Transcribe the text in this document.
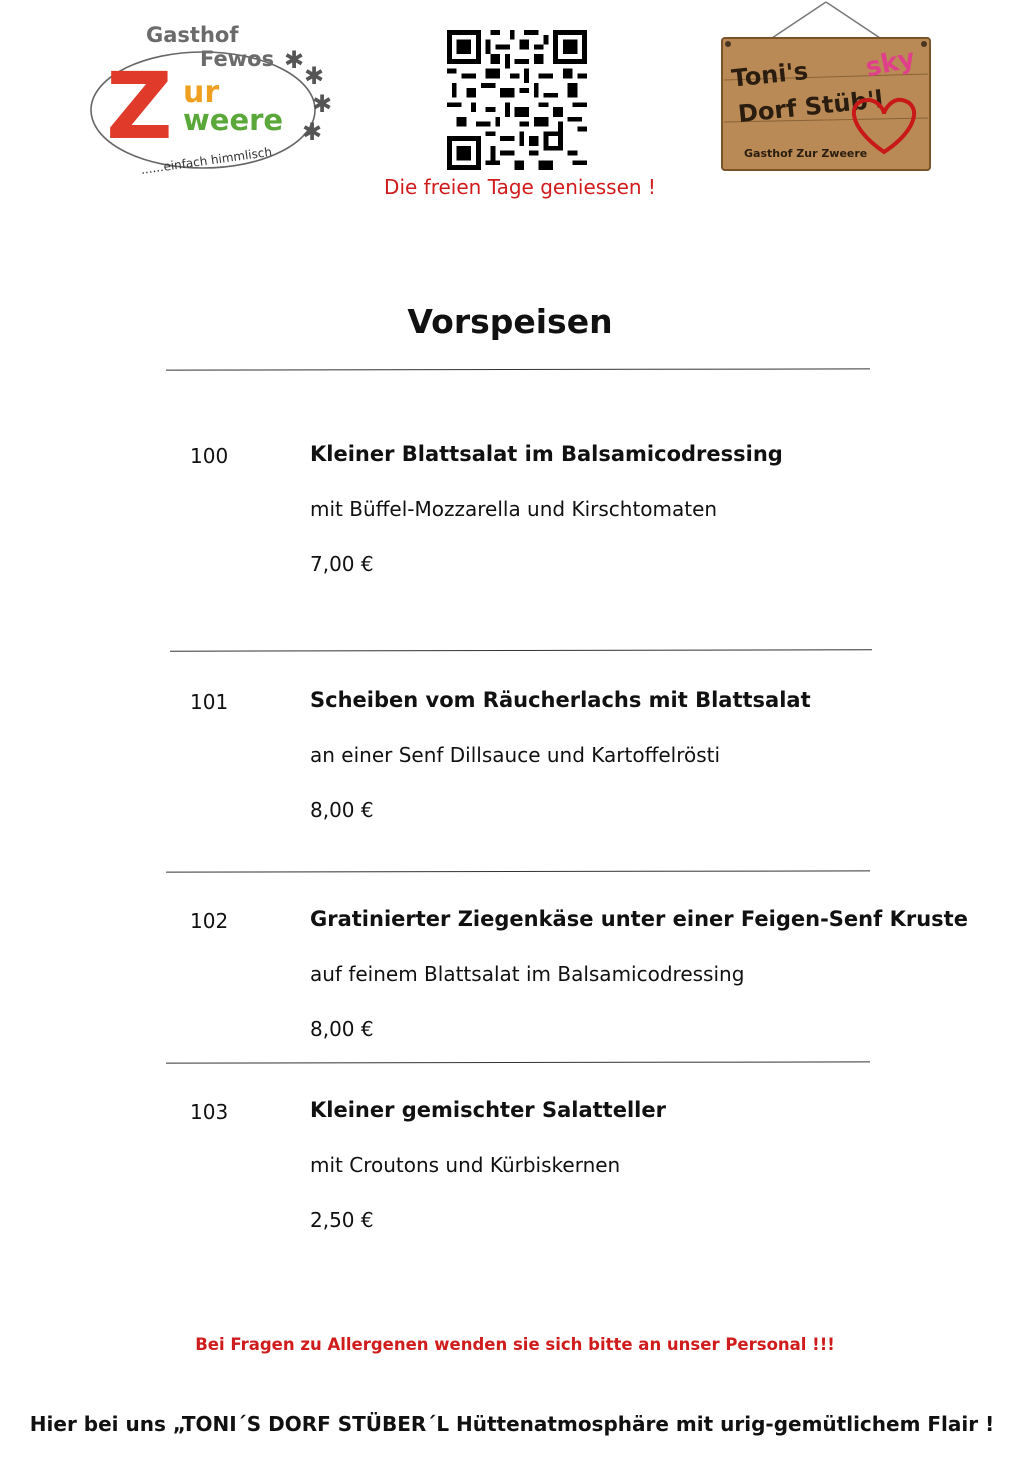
Gasthof
Fewos
Z ur
weere
......einfach himmlisch
✱
✱
✱
✱
Toni's
Dorf Stüb'l
sky
Gasthof Zur Zweere
Die freien Tage geniessen !
Vorspeisen
100	Kleiner Blattsalat im Balsamicodressing
mit Büffel-Mozzarella und Kirschtomaten
7,00 €
101	Scheiben vom Räucherlachs mit Blattsalat
an einer Senf Dillsauce und Kartoffelrösti
8,00 €
102	Gratinierter Ziegenkäse unter einer Feigen-Senf Kruste
auf feinem Blattsalat im Balsamicodressing
8,00 €
103	Kleiner gemischter Salatteller
mit Croutons und Kürbiskernen
2,50 €
Bei Fragen zu Allergenen wenden sie sich bitte an unser Personal !!!
Hier bei uns „TONI´S DORF STÜBER´L Hüttenatmosphäre mit urig-gemütlichem Flair !
